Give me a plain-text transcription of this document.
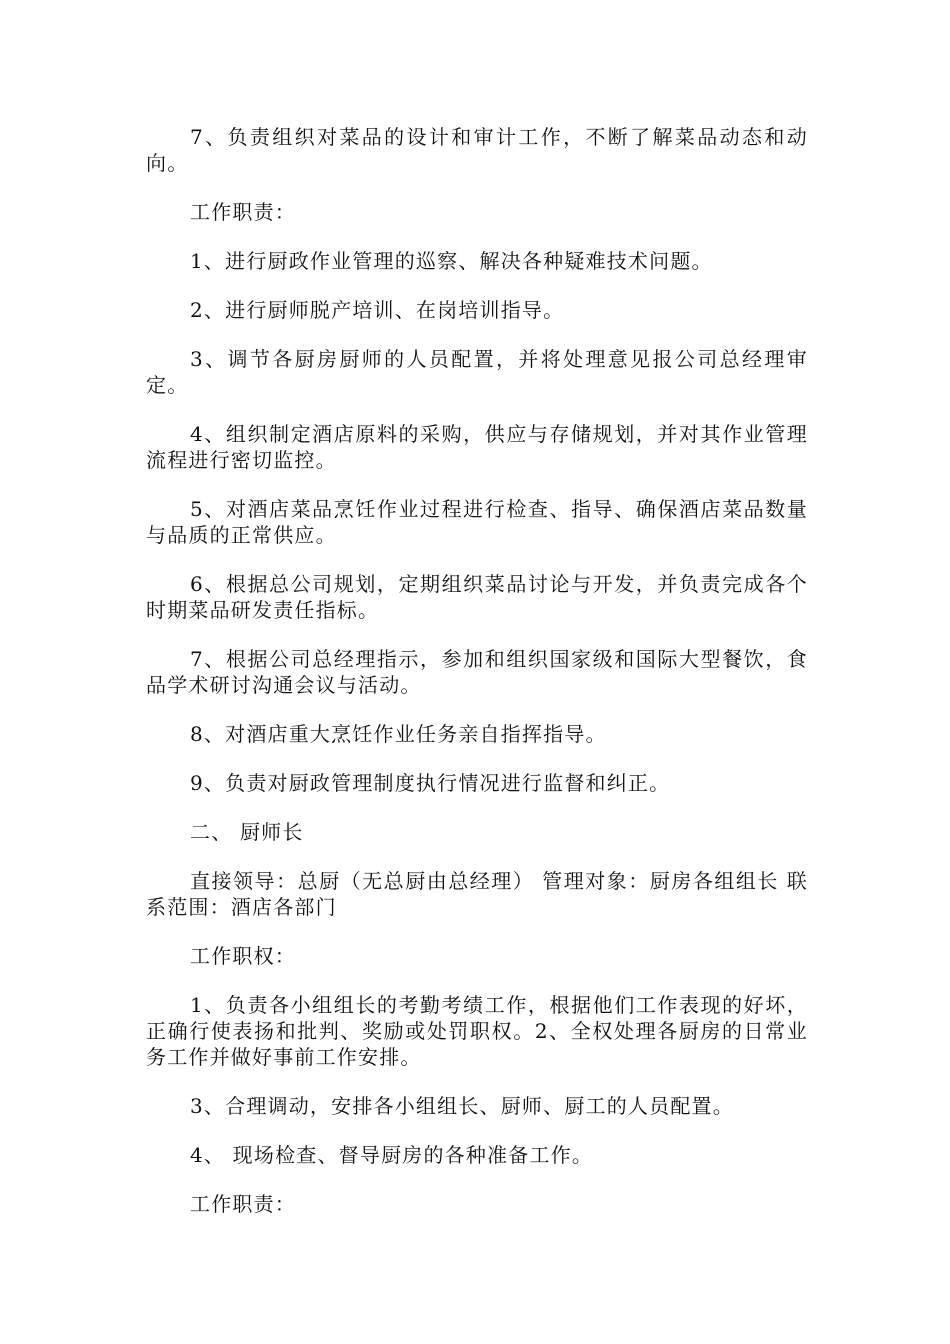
7、负责组织对菜品的设计和审计工作，不断了解菜品动态和动向。

工作职责：

1、进行厨政作业管理的巡察、解决各种疑难技术问题。

2、进行厨师脱产培训、在岗培训指导。

3、调节各厨房厨师的人员配置，并将处理意见报公司总经理审定。

4、组织制定酒店原料的采购，供应与存储规划，并对其作业管理流程进行密切监控。

5、对酒店菜品烹饪作业过程进行检查、指导、确保酒店菜品数量与品质的正常供应。

6、根据总公司规划，定期组织菜品讨论与开发，并负责完成各个时期菜品研发责任指标。

7、根据公司总经理指示，参加和组织国家级和国际大型餐饮，食品学术研讨沟通会议与活动。

8、对酒店重大烹饪作业任务亲自指挥指导。

9、负责对厨政管理制度执行情况进行监督和纠正。

二、 厨师长

直接领导：总厨（无总厨由总经理） 管理对象：厨房各组组长 联系范围：酒店各部门

工作职权：

1、负责各小组组长的考勤考绩工作，根据他们工作表现的好坏，正确行使表扬和批判、奖励或处罚职权。2、全权处理各厨房的日常业务工作并做好事前工作安排。

3、合理调动，安排各小组组长、厨师、厨工的人员配置。

4、 现场检查、督导厨房的各种准备工作。

工作职责：
